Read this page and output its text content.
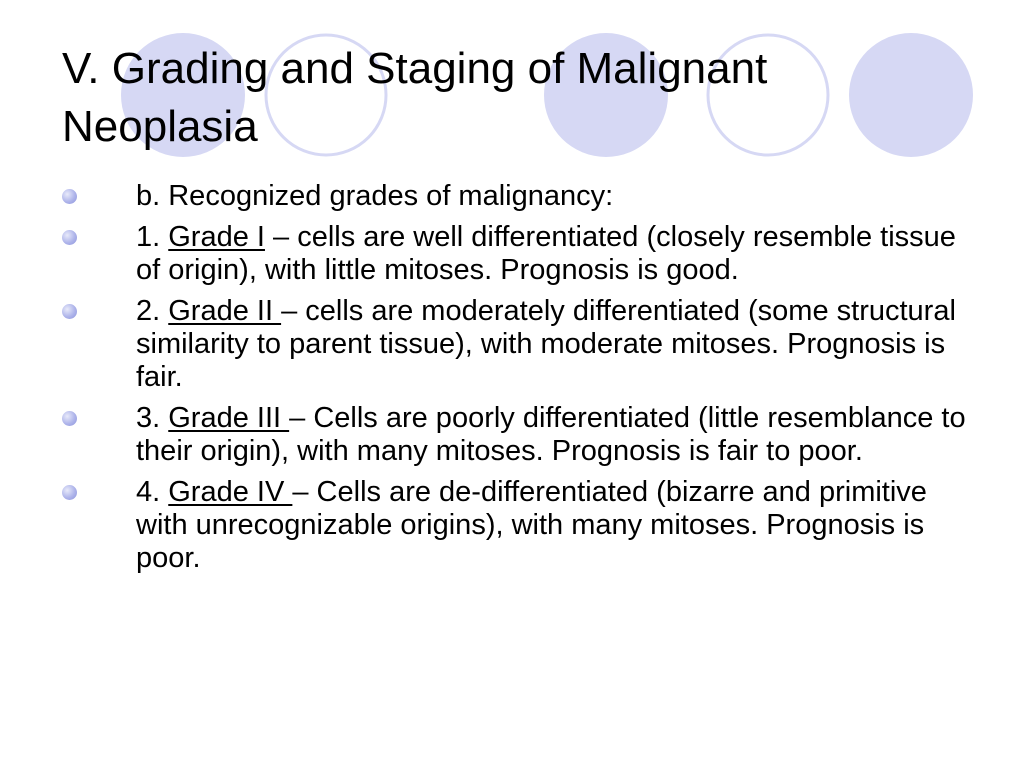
V. Grading and Staging of Malignant
Neoplasia
b. Recognized grades of malignancy:
1. Grade I – cells are well differentiated (closely resemble tissue of origin), with little mitoses. Prognosis is good.
2. Grade II – cells are moderately differentiated (some structural similarity to parent tissue), with moderate mitoses. Prognosis is fair.
3. Grade III – Cells are poorly differentiated (little resemblance to their origin), with many mitoses. Prognosis is fair to poor.
4. Grade IV – Cells are de-differentiated (bizarre and primitive with unrecognizable origins), with many mitoses. Prognosis is poor.
